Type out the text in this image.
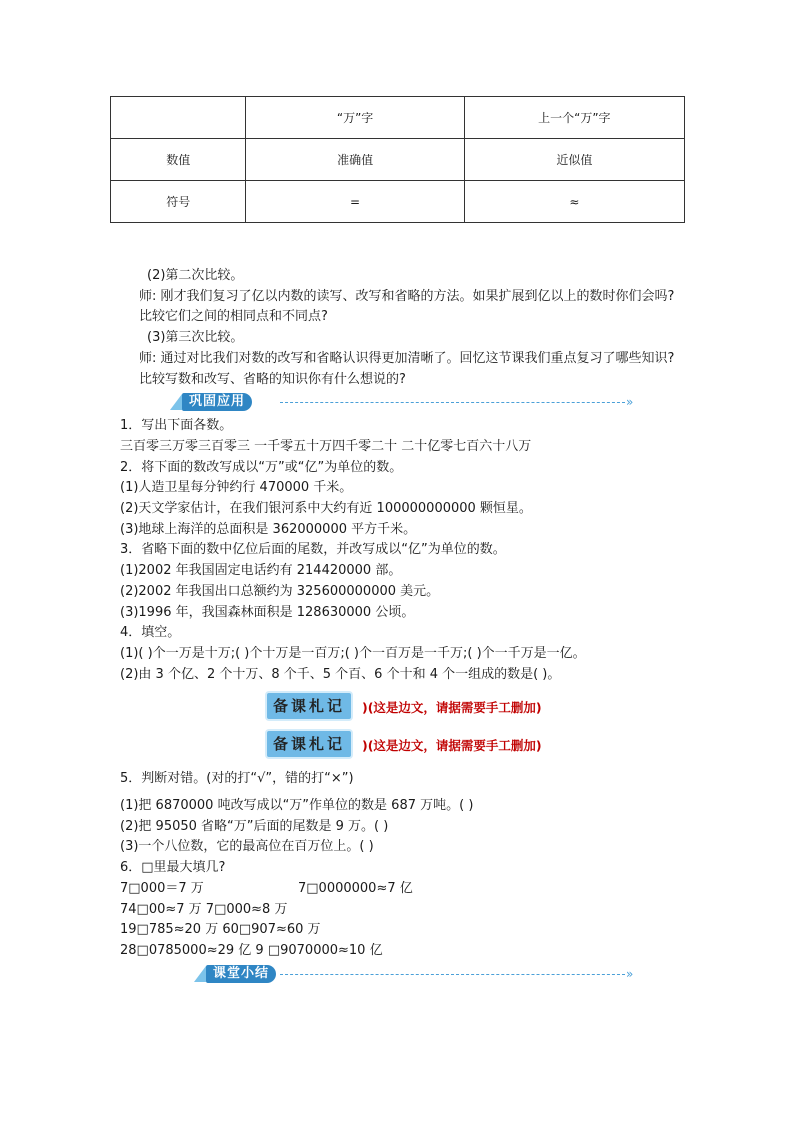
	“万”字	上一个“万”字
数值	准确值	近似值
符号	=	≈
(2)第二次比较。
师: 刚才我们复习了亿以内数的读写、改写和省略的方法。如果扩展到亿以上的数时你们会吗?比较它们之间的相同点和不同点?
(3)第三次比较。
师: 通过对比我们对数的改写和省略认识得更加清晰了。回忆这节课我们重点复习了哪些知识?比较写数和改写、省略的知识你有什么想说的?
巩固应用	»
1．写出下面各数。
三百零三万零三百零三 一千零五十万四千零二十 二十亿零七百六十八万
2．将下面的数改写成以“万”或“亿”为单位的数。
(1)人造卫星每分钟约行 470000 千米。
(2)天文学家估计，在我们银河系中大约有近 100000000000 颗恒星。
(3)地球上海洋的总面积是 362000000 平方千米。
3．省略下面的数中亿位后面的尾数，并改写成以“亿”为单位的数。
(1)2002 年我国固定电话约有 214420000 部。
(2)2002 年我国出口总额约为 325600000000 美元。
(3)1996 年，我国森林面积是 128630000 公顷。
4．填空。
(1)( )个一万是十万;( )个十万是一百万;( )个一百万是一千万;( )个一千万是一亿。
(2)由 3 个亿、2 个十万、8 个千、5 个百、6 个十和 4 个一组成的数是( )。
备课札记	)(这是边文，请据需要手工删加)
备课札记	)(这是边文，请据需要手工删加)
5．判断对错。(对的打“√”，错的打“×”)
(1)把 6870000 吨改写成以“万”作单位的数是 687 万吨。( )
(2)把 95050 省略“万”后面的尾数是 9 万。( )
(3)一个八位数，它的最高位在百万位上。( )
6．□里最大填几?
7□000＝7 万	7□0000000≈7 亿
74□00≈7 万 7□000≈8 万
19□785≈20 万 60□907≈60 万
28□0785000≈29 亿 9 □9070000≈10 亿
课堂小结	»
